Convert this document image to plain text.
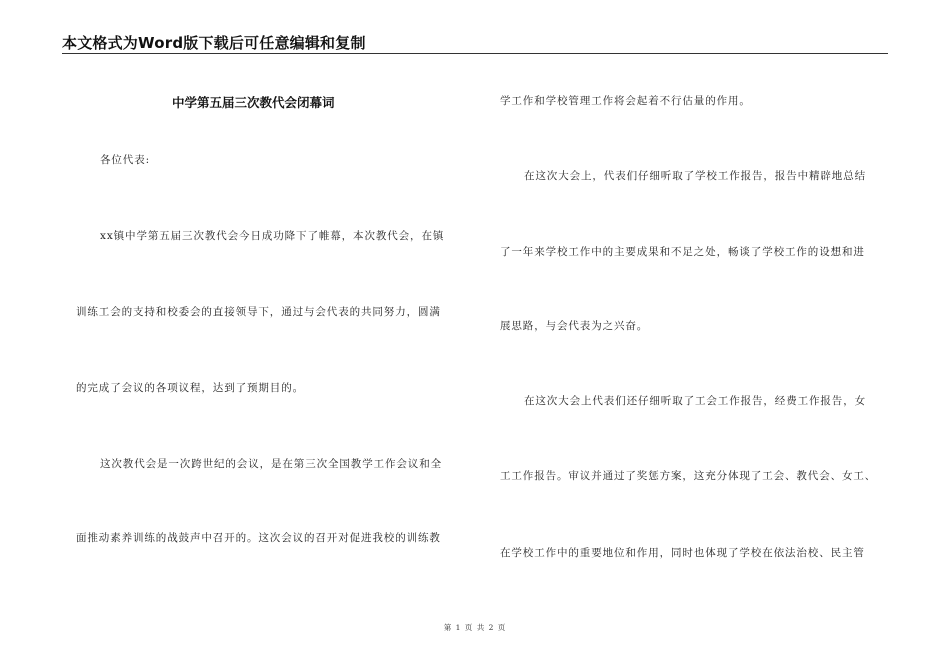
本文格式为Word版下载后可任意编辑和复制
中学第五届三次教代会闭幕词
各位代表:
xx镇中学第五届三次教代会今日成功降下了帷幕，本次教代会，在镇
训练工会的支持和校委会的直接领导下，通过与会代表的共同努力，圆满
的完成了会议的各项议程，达到了预期目的。
这次教代会是一次跨世纪的会议，是在第三次全国教学工作会议和全
面推动素养训练的战鼓声中召开的。这次会议的召开对促进我校的训练教
学工作和学校管理工作将会起着不行估量的作用。
在这次大会上，代表们仔细听取了学校工作报告，报告中精辟地总结
了一年来学校工作中的主要成果和不足之处，畅谈了学校工作的设想和进
展思路，与会代表为之兴奋。
在这次大会上代表们还仔细听取了工会工作报告，经费工作报告，女
工工作报告。审议并通过了奖惩方案，这充分体现了工会、教代会、女工、
在学校工作中的重要地位和作用，同时也体现了学校在依法治校、民主管
第 1 页 共 2 页
